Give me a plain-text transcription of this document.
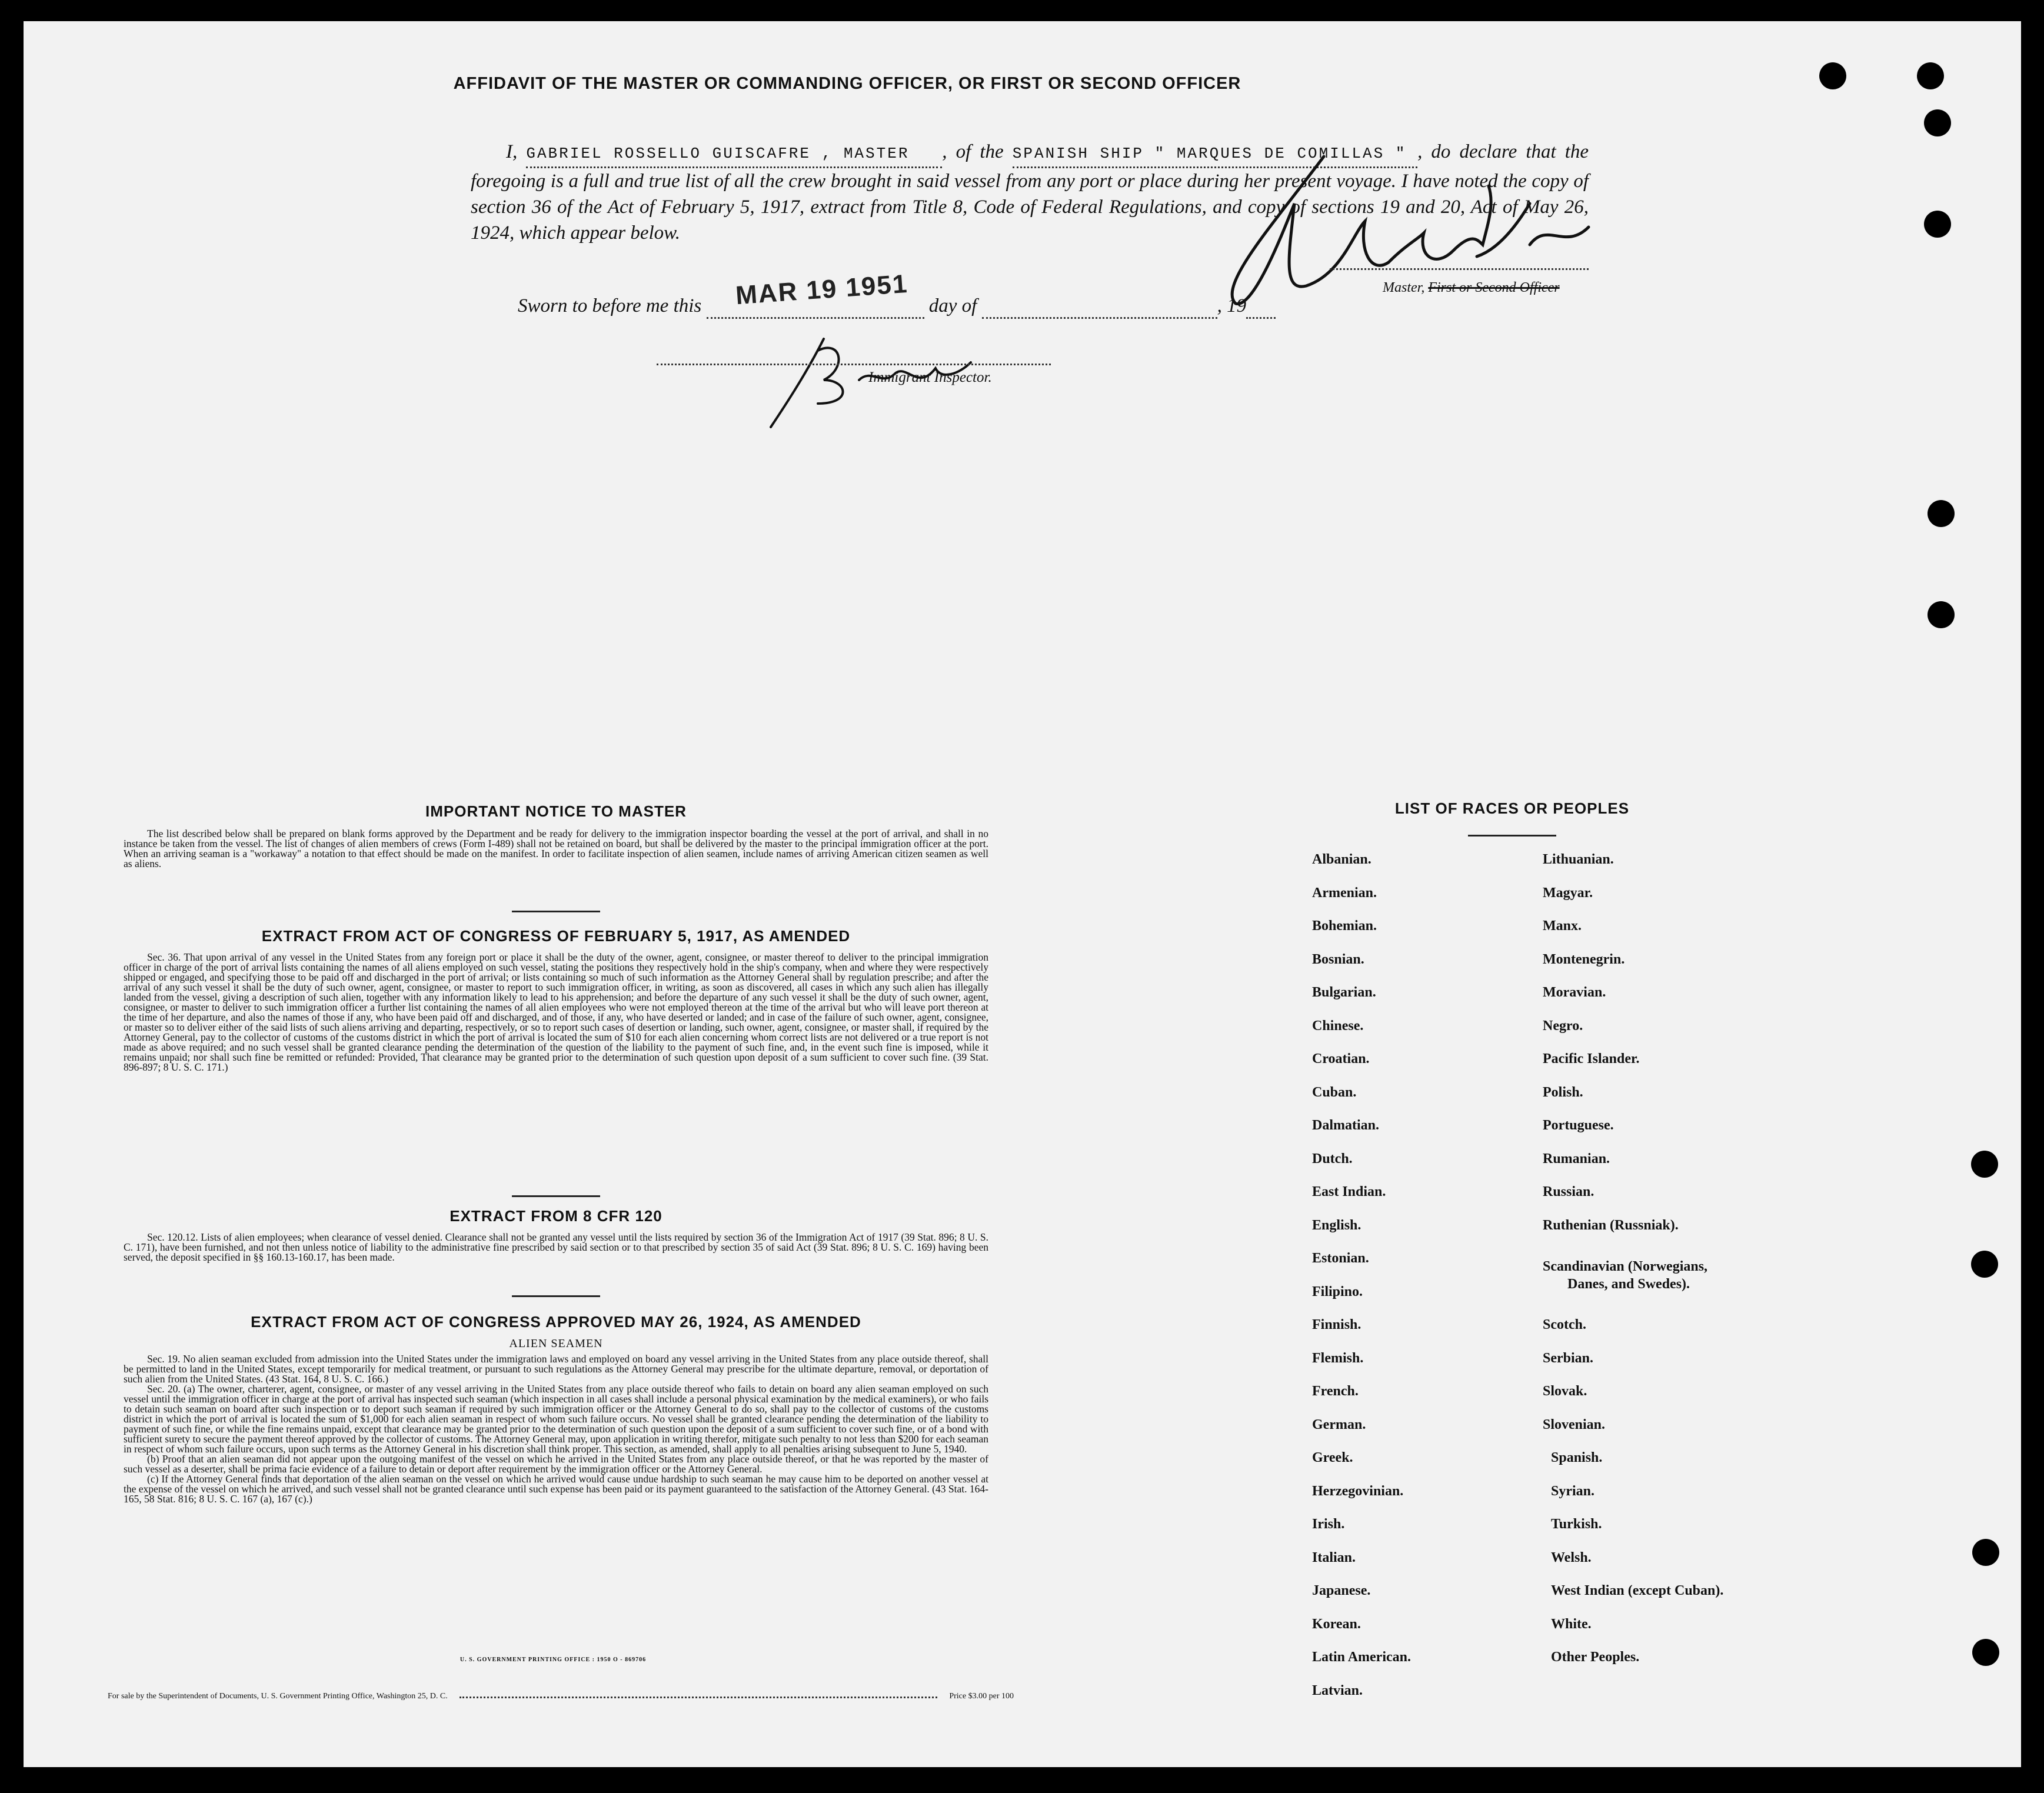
AFFIDAVIT OF THE MASTER OR COMMANDING OFFICER, OR FIRST OR SECOND OFFICER
I, GABRIEL ROSSELLO GUISCAFRE , MASTER , of the SPANISH SHIP " MARQUES DE COMILLAS " , do declare that the foregoing is a full and true list of all the crew brought in said vessel from any port or place during her present voyage. I have noted the copy of section 36 of the Act of February 5, 1917, extract from Title 8, Code of Federal Regulations, and copy of sections 19 and 20, Act of May 26, 1924, which appear below.
Master, First or Second Officer
Sworn to before me this	day of	, 19
MAR 19 1951
Immigrant Inspector.
IMPORTANT NOTICE TO MASTER

The list described below shall be prepared on blank forms approved by the Department and be ready for delivery to the immigration inspector boarding the vessel at the port of arrival, and shall in no instance be taken from the vessel. The list of changes of alien members of crews (Form I-489) shall not be retained on board, but shall be delivered by the master to the principal immigration officer at the port. When an arriving seaman is a "workaway" a notation to that effect should be made on the manifest. In order to facilitate inspection of alien seamen, include names of arriving American citizen seamen as well as aliens.

EXTRACT FROM ACT OF CONGRESS OF FEBRUARY 5, 1917, AS AMENDED

Sec. 36. That upon arrival of any vessel in the United States from any foreign port or place it shall be the duty of the owner, agent, consignee, or master thereof to deliver to the principal immigration officer in charge of the port of arrival lists containing the names of all aliens employed on such vessel, stating the positions they respectively hold in the ship's company, when and where they were respectively shipped or engaged, and specifying those to be paid off and discharged in the port of arrival; or lists containing so much of such information as the Attorney General shall by regulation prescribe; and after the arrival of any such vessel it shall be the duty of such owner, agent, consignee, or master to report to such immigration officer, in writing, as soon as discovered, all cases in which any such alien has illegally landed from the vessel, giving a description of such alien, together with any information likely to lead to his apprehension; and before the departure of any such vessel it shall be the duty of such owner, agent, consignee, or master to deliver to such immigration officer a further list containing the names of all alien employees who were not employed thereon at the time of the arrival but who will leave port thereon at the time of her departure, and also the names of those if any, who have been paid off and discharged, and of those, if any, who have deserted or landed; and in case of the failure of such owner, agent, consignee, or master so to deliver either of the said lists of such aliens arriving and departing, respectively, or so to report such cases of desertion or landing, such owner, agent, consignee, or master shall, if required by the Attorney General, pay to the collector of customs of the customs district in which the port of arrival is located the sum of $10 for each alien concerning whom correct lists are not delivered or a true report is not made as above required; and no such vessel shall be granted clearance pending the determination of the question of the liability to the payment of such fine, and, in the event such fine is imposed, while it remains unpaid; nor shall such fine be remitted or refunded: Provided, That clearance may be granted prior to the determination of such question upon deposit of a sum sufficient to cover such fine. (39 Stat. 896-897; 8 U. S. C. 171.)

EXTRACT FROM 8 CFR 120

Sec. 120.12. Lists of alien employees; when clearance of vessel denied. Clearance shall not be granted any vessel until the lists required by section 36 of the Immigration Act of 1917 (39 Stat. 896; 8 U. S. C. 171), have been furnished, and not then unless notice of liability to the administrative fine prescribed by said section or to that prescribed by section 35 of said Act (39 Stat. 896; 8 U. S. C. 169) having been served, the deposit specified in §§ 160.13-160.17, has been made.

EXTRACT FROM ACT OF CONGRESS APPROVED MAY 26, 1924, AS AMENDED
ALIEN SEAMEN

Sec. 19. No alien seaman excluded from admission into the United States under the immigration laws and employed on board any vessel arriving in the United States from any place outside thereof, shall be permitted to land in the United States, except temporarily for medical treatment, or pursuant to such regulations as the Attorney General may prescribe for the ultimate departure, removal, or deportation of such alien from the United States. (43 Stat. 164, 8 U. S. C. 166.)

Sec. 20. (a) The owner, charterer, agent, consignee, or master of any vessel arriving in the United States from any place outside thereof who fails to detain on board any alien seaman employed on such vessel until the immigration officer in charge at the port of arrival has inspected such seaman (which inspection in all cases shall include a personal physical examination by the medical examiners), or who fails to detain such seaman on board after such inspection or to deport such seaman if required by such immigration officer or the Attorney General to do so, shall pay to the collector of customs of the customs district in which the port of arrival is located the sum of $1,000 for each alien seaman in respect of whom such failure occurs. No vessel shall be granted clearance pending the determination of the liability to payment of such fine, or while the fine remains unpaid, except that clearance may be granted prior to the determination of such question upon the deposit of a sum sufficient to cover such fine, or of a bond with sufficient surety to secure the payment thereof approved by the collector of customs. The Attorney General may, upon application in writing therefor, mitigate such penalty to not less than $200 for each seaman in respect of whom such failure occurs, upon such terms as the Attorney General in his discretion shall think proper. This section, as amended, shall apply to all penalties arising subsequent to June 5, 1940.

(b) Proof that an alien seaman did not appear upon the outgoing manifest of the vessel on which he arrived in the United States from any place outside thereof, or that he was reported by the master of such vessel as a deserter, shall be prima facie evidence of a failure to detain or deport after requirement by the immigration officer or the Attorney General.

(c) If the Attorney General finds that deportation of the alien seaman on the vessel on which he arrived would cause undue hardship to such seaman he may cause him to be deported on another vessel at the expense of the vessel on which he arrived, and such vessel shall not be granted clearance until such expense has been paid or its payment guaranteed to the satisfaction of the Attorney General. (43 Stat. 164-165, 58 Stat. 816; 8 U. S. C. 167 (a), 167 (c).)

U. S. GOVERNMENT PRINTING OFFICE : 1950 O - 869706
For sale by the Superintendent of Documents, U. S. Government Printing Office, Washington 25, D. C.	Price $3.00 per 100
LIST OF RACES OR PEOPLES
Albanian.
Armenian.
Bohemian.
Bosnian.
Bulgarian.
Chinese.
Croatian.
Cuban.
Dalmatian.
Dutch.
East Indian.
English.
Estonian.
Filipino.
Finnish.
Flemish.
French.
German.
Greek.
Herzegovinian.
Irish.
Italian.
Japanese.
Korean.
Latin American.
Latvian.
Lithuanian.
Magyar.
Manx.
Montenegrin.
Moravian.
Negro.
Pacific Islander.
Polish.
Portuguese.
Rumanian.
Russian.
Ruthenian (Russniak).
Scandinavian (Norwegians,
Danes, and Swedes).
Scotch.
Serbian.
Slovak.
Slovenian.
Spanish.
Syrian.
Turkish.
Welsh.
West Indian (except Cuban).
White.
Other Peoples.
